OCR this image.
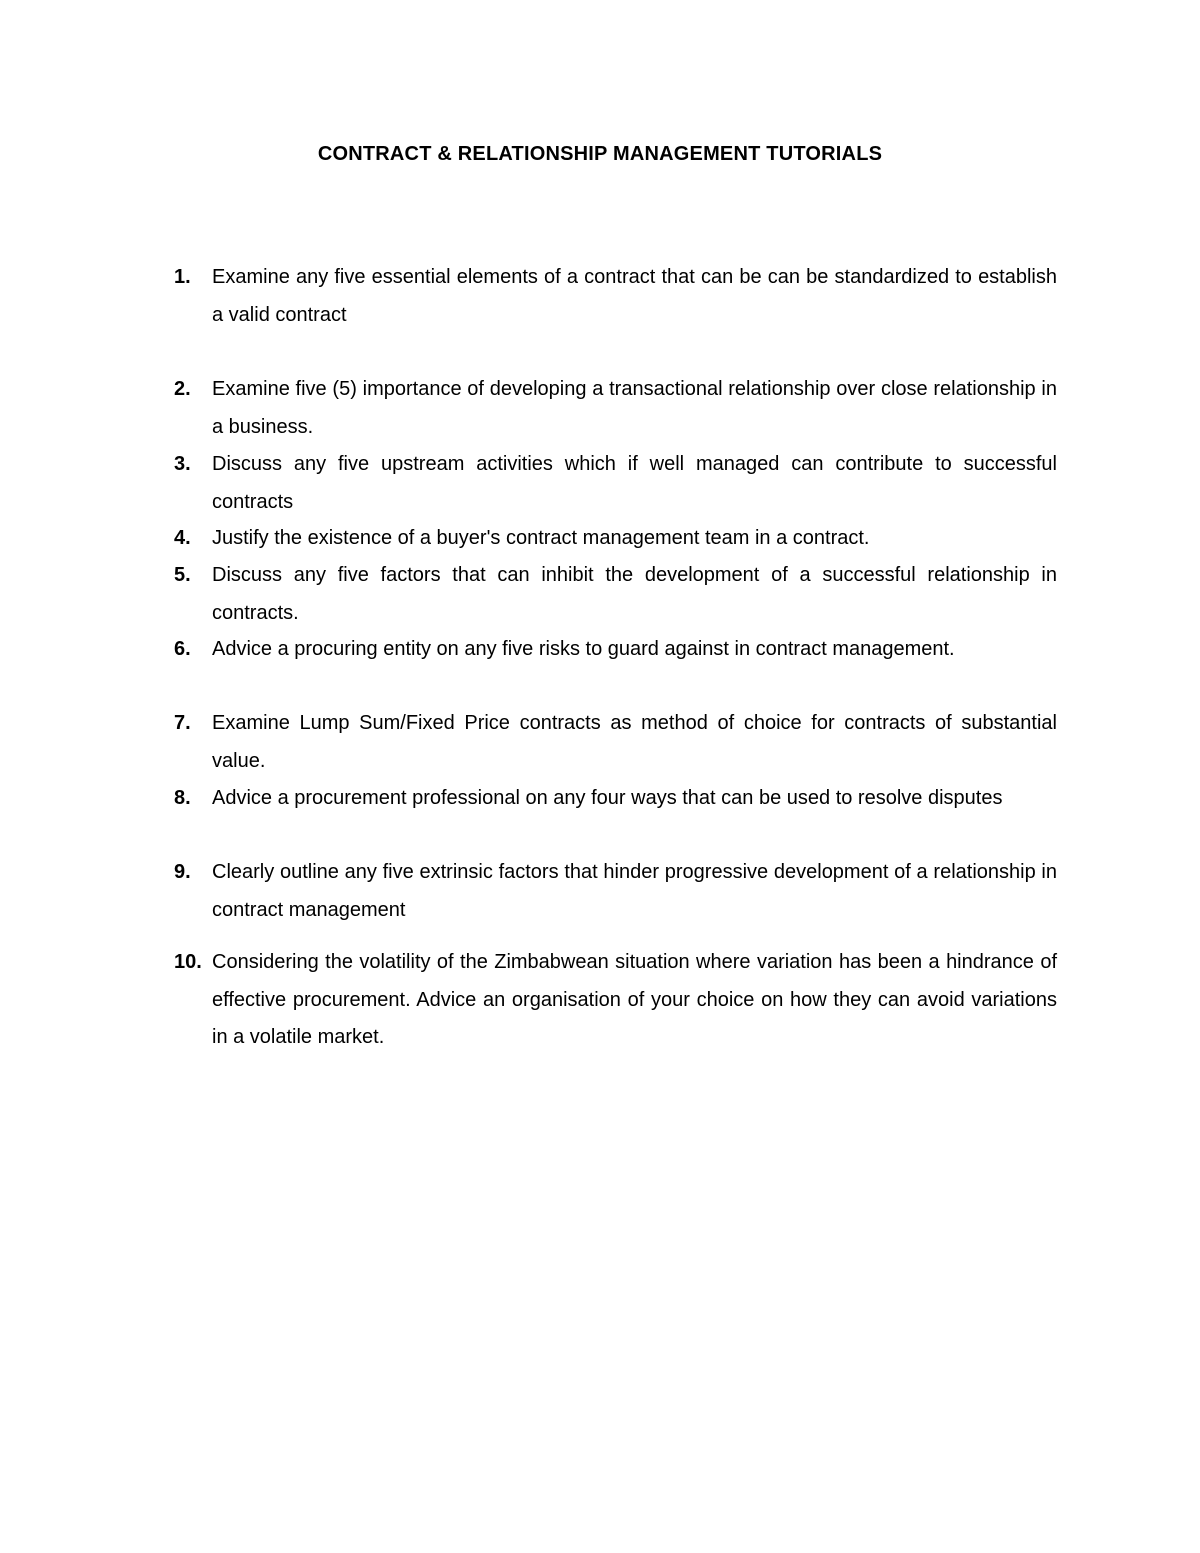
CONTRACT & RELATIONSHIP MANAGEMENT TUTORIALS
1.	Examine any five essential elements of a contract that can be can be standardized to establish a valid contract
2.	Examine five (5) importance of developing a transactional relationship over close relationship in a business.
3.	Discuss any five upstream activities which if well managed can contribute to successful contracts
4.	Justify the existence of a buyer's contract management team in a contract.
5.	Discuss any five factors that can inhibit the development of a successful relationship in contracts.
6.	Advice a procuring entity on any five risks to guard against in contract management.
7.	Examine Lump Sum/Fixed Price contracts as method of choice for contracts of substantial value.
8.	Advice a procurement professional on any four ways that can be used to resolve disputes
9.	Clearly outline any five extrinsic factors that hinder progressive development of a relationship in contract management
10. Considering the volatility of the Zimbabwean situation where variation has been a hindrance of effective procurement. Advice an organisation of your choice on how they can avoid variations in a volatile market.
